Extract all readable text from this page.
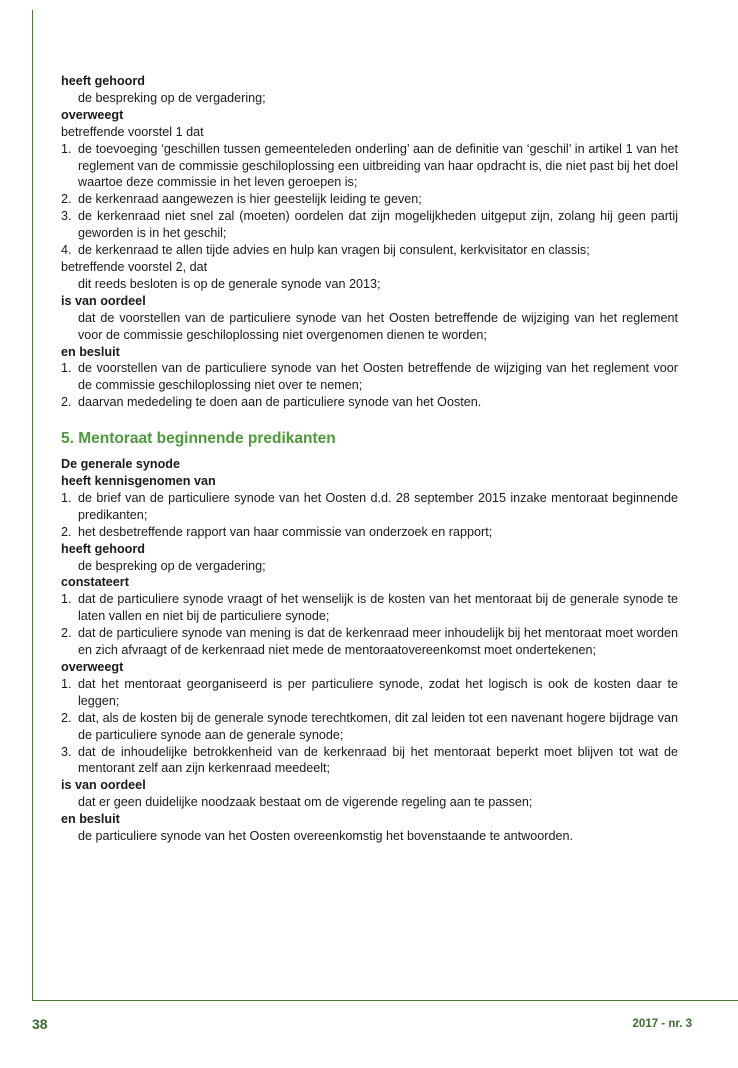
heeft gehoord
de bespreking op de vergadering;
overweegt
betreffende voorstel 1 dat
1. de toevoeging ‘geschillen tussen gemeenteleden onderling’ aan de definitie van ‘geschil’ in artikel 1 van het reglement van de commissie geschiloplossing een uitbreiding van haar opdracht is, die niet past bij het doel waartoe deze commissie in het leven geroepen is;
2. de kerkenraad aangewezen is hier geestelijk leiding te geven;
3. de kerkenraad niet snel zal (moeten) oordelen dat zijn mogelijkheden uitgeput zijn, zolang hij geen partij geworden is in het geschil;
4. de kerkenraad te allen tijde advies en hulp kan vragen bij consulent, kerkvisitator en classis;
betreffende voorstel 2, dat
dit reeds besloten is op de generale synode van 2013;
is van oordeel
dat de voorstellen van de particuliere synode van het Oosten betreffende de wijziging van het reglement voor de commissie geschiloplossing niet overgenomen dienen te worden;
en besluit
1. de voorstellen van de particuliere synode van het Oosten betreffende de wijziging van het reglement voor de commissie geschiloplossing niet over te nemen;
2. daarvan mededeling te doen aan de particuliere synode van het Oosten.
5. Mentoraat beginnende predikanten
De generale synode
heeft kennisgenomen van
1. de brief van de particuliere synode van het Oosten d.d. 28 september 2015 inzake mentoraat beginnende predikanten;
2. het desbetreffende rapport van haar commissie van onderzoek en rapport;
heeft gehoord
de bespreking op de vergadering;
constateert
1. dat de particuliere synode vraagt of het wenselijk is de kosten van het mentoraat bij de generale synode te laten vallen en niet bij de particuliere synode;
2. dat de particuliere synode van mening is dat de kerkenraad meer inhoudelijk bij het mentoraat moet worden en zich afvraagt of de kerkenraad niet mede de mentoraatovereenkomst moet ondertekenen;
overweegt
1. dat het mentoraat georganiseerd is per particuliere synode, zodat het logisch is ook de kosten daar te leggen;
2. dat, als de kosten bij de generale synode terechtkomen, dit zal leiden tot een navenant hogere bijdrage van de particuliere synode aan de generale synode;
3. dat de inhoudelijke betrokkenheid van de kerkenraad bij het mentoraat beperkt moet blijven tot wat de mentorant zelf aan zijn kerkenraad meedeelt;
is van oordeel
dat er geen duidelijke noodzaak bestaat om de vigerende regeling aan te passen;
en besluit
de particuliere synode van het Oosten overeenkomstig het bovenstaande te antwoorden.
38	2017 - nr. 3
